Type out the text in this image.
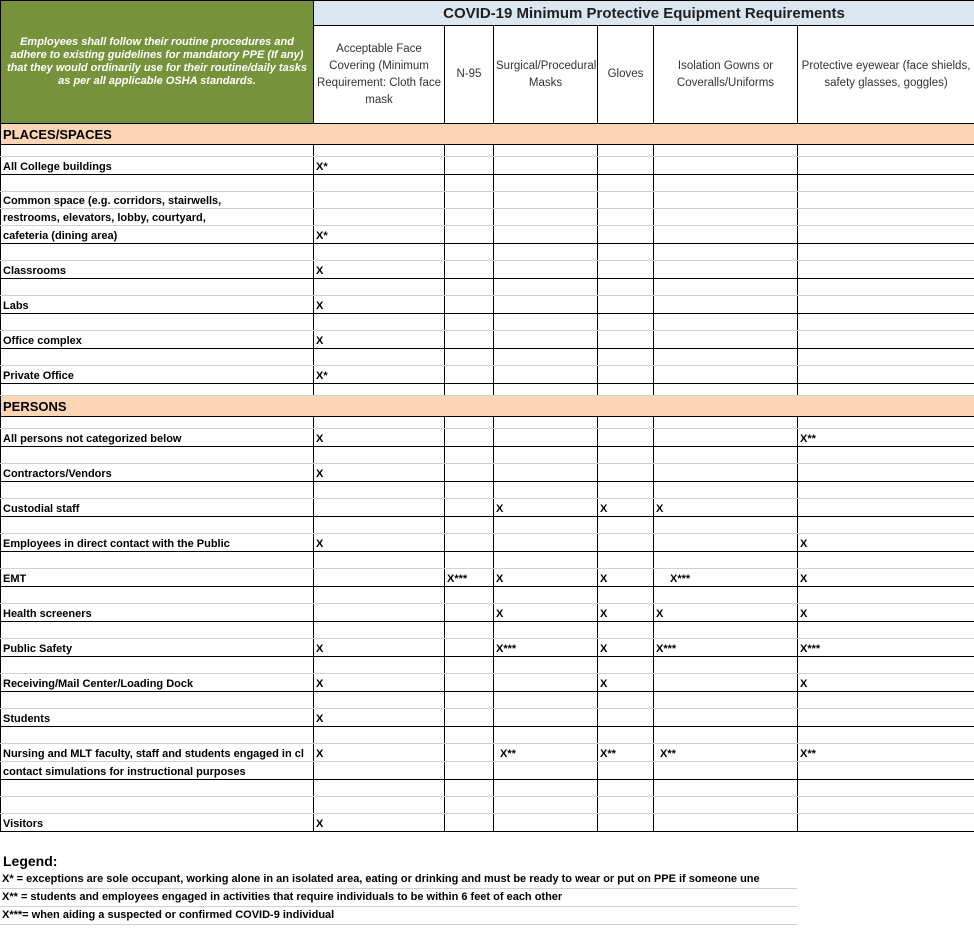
Employees shall follow their routine procedures and adhere to existing guidelines for mandatory PPE (If any) that they would ordinarily use for their routine/daily tasks as per all applicable OSHA standards.	COVID-19 Minimum Protective Equipment Requirements					
	Acceptable Face Covering (Minimum Requirement: Cloth face mask	N-95	Surgical/Procedural Masks	Gloves	Isolation Gowns or Coveralls/Uniforms	Protective eyewear (face shields, safety glasses, goggles)
PLACES/SPACES						

All College buildings	X*					

Common space (e.g. corridors, stairwells,						
restrooms, elevators, lobby, courtyard,						
cafeteria (dining area)	X*					

Classrooms	X					

Labs	X					

Office complex	X					

Private Office	X*					

PERSONS						

All persons not categorized below	X					X**

Contractors/Vendors	X					

Custodial staff			X	X	X	

Employees in direct contact with the Public	X					X

EMT		X***	X	X	X***	X

Health screeners			X	X	X	X

Public Safety	X		X***	X	X***	X***

Receiving/Mail Center/Loading Dock	X			X		X

Students	X					

Nursing and MLT faculty, staff and students engaged in cl	X		X**	X**	X**	X**
contact simulations for instructional purposes						

Visitors	X					
Legend:
X* = exceptions are sole occupant, working alone in an isolated area, eating or drinking and must be ready to wear or put on PPE if someone une
X** = students and employees engaged in activities that require individuals to be within 6 feet of each other
X***= when aiding a suspected or confirmed COVID-9 individual
